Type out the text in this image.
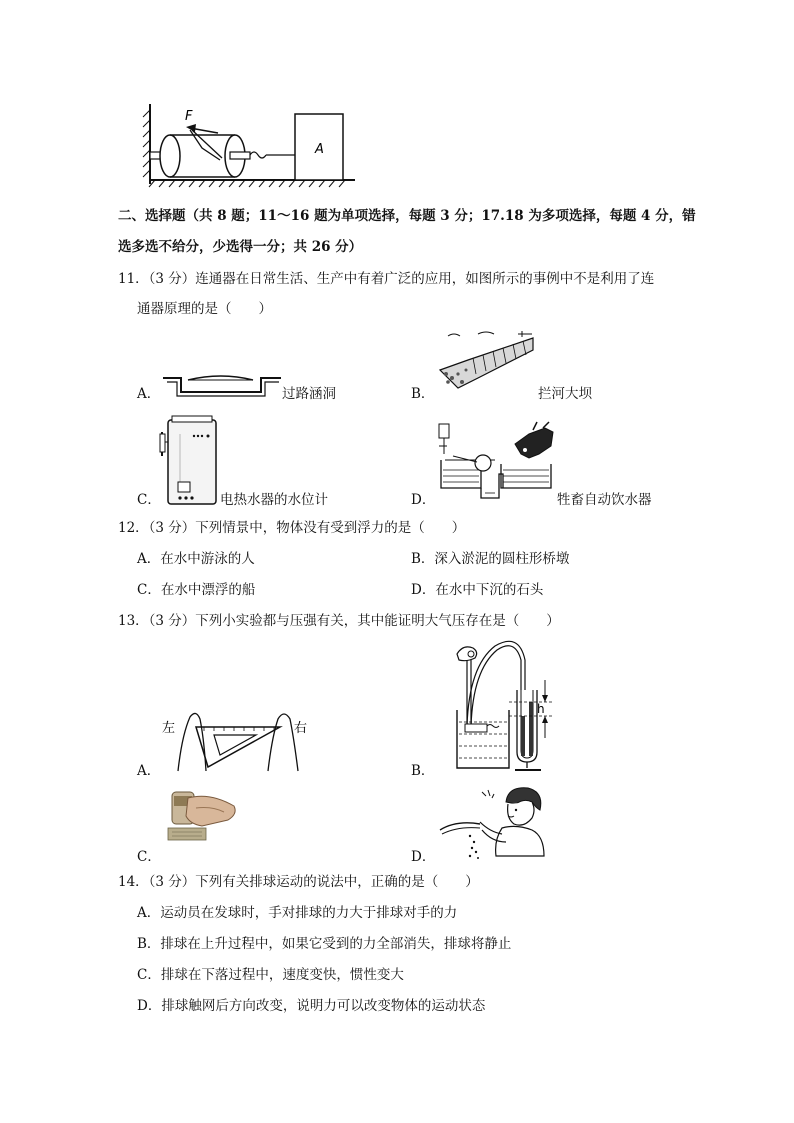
F
A
二、选择题（共 8 题；11～16 题为单项选择，每题 3 分；17.18 为多项选择，每题 4 分，错
选多选不给分，少选得一分；共 26 分）
11．（3 分）连通器在日常生活、生产中有着广泛的应用，如图所示的事例中不是利用了连
通器原理的是（　　）
A．	过路涵洞	B．	拦河大坝
C．	电热水器的水位计	D．	牲畜自动饮水器
12．（3 分）下列情景中，物体没有受到浮力的是（　　）
A．在水中游泳的人	B．深入淤泥的圆柱形桥墩
C．在水中漂浮的船	D．在水中下沉的石头
13．（3 分）下列小实验都与压强有关，其中能证明大气压存在是（　　）
A．
左	右
B．
h
C．	D．
14．（3 分）下列有关排球运动的说法中，正确的是（　　）
A．运动员在发球时，手对排球的力大于排球对手的力
B．排球在上升过程中，如果它受到的力全部消失，排球将静止
C．排球在下落过程中，速度变快，惯性变大
D．排球触网后方向改变，说明力可以改变物体的运动状态
